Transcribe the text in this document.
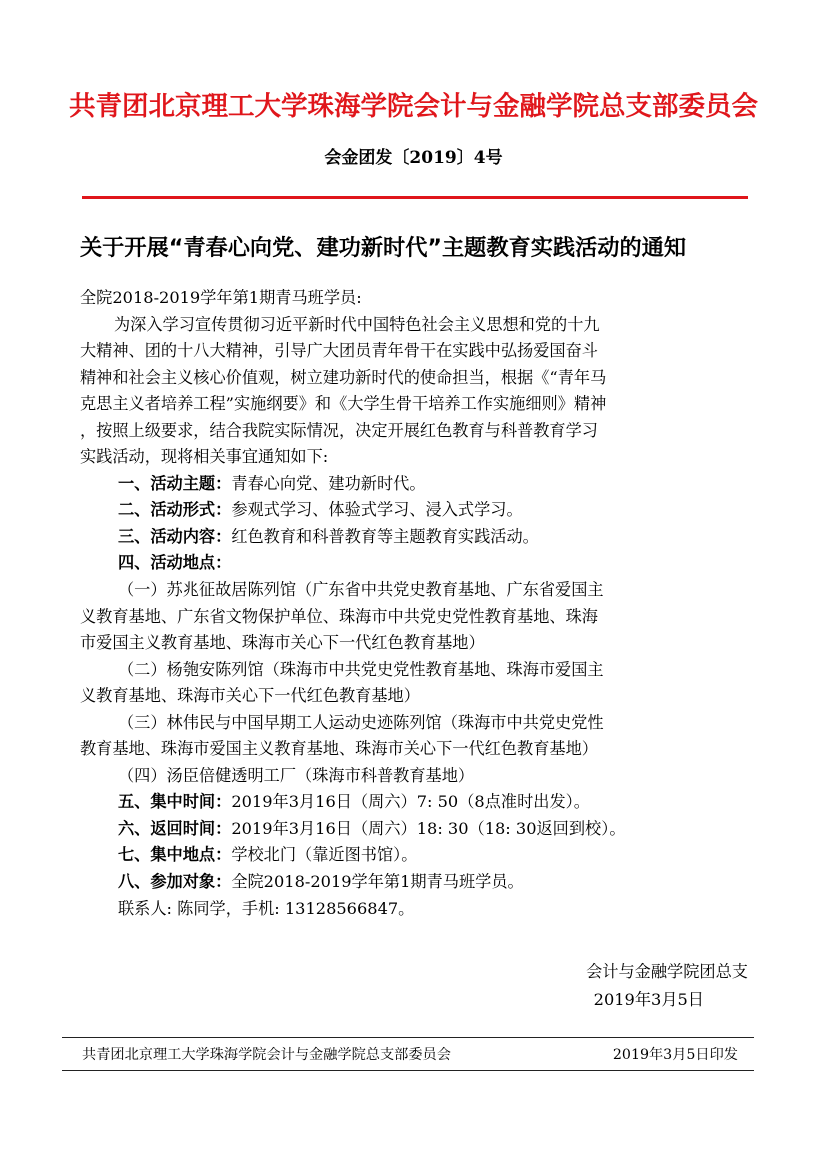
共青团北京理工大学珠海学院会计与金融学院总支部委员会
会金团发〔2019〕4号
关于开展“青春心向党、建功新时代”主题教育实践活动的通知
全院2018-2019学年第1期青马班学员:
为深入学习宣传贯彻习近平新时代中国特色社会主义思想和党的十九
大精神、团的十八大精神，引导广大团员青年骨干在实践中弘扬爱国奋斗
精神和社会主义核心价值观，树立建功新时代的使命担当，根据《“青年马
克思主义者培养工程”实施纲要》和《大学生骨干培养工作实施细则》精神
，按照上级要求，结合我院实际情况，决定开展红色教育与科普教育学习
实践活动，现将相关事宜通知如下:
一、活动主题：青春心向党、建功新时代。
二、活动形式：参观式学习、体验式学习、浸入式学习。
三、活动内容：红色教育和科普教育等主题教育实践活动。
四、活动地点：
（一）苏兆征故居陈列馆（广东省中共党史教育基地、广东省爱国主
义教育基地、广东省文物保护单位、珠海市中共党史党性教育基地、珠海
市爱国主义教育基地、珠海市关心下一代红色教育基地）
（二）杨匏安陈列馆（珠海市中共党史党性教育基地、珠海市爱国主
义教育基地、珠海市关心下一代红色教育基地）
（三）林伟民与中国早期工人运动史迹陈列馆（珠海市中共党史党性
教育基地、珠海市爱国主义教育基地、珠海市关心下一代红色教育基地）
（四）汤臣倍健透明工厂（珠海市科普教育基地）
五、集中时间：2019年3月16日（周六）7: 50（8点准时出发）。
六、返回时间：2019年3月16日（周六）18: 30（18: 30返回到校）。
七、集中地点：学校北门（靠近图书馆）。
八、参加对象：全院2018-2019学年第1期青马班学员。
联系人: 陈同学，手机: 13128566847。
会计与金融学院团总支
2019年3月5日
共青团北京理工大学珠海学院会计与金融学院总支部委员会	2019年3月5日印发
